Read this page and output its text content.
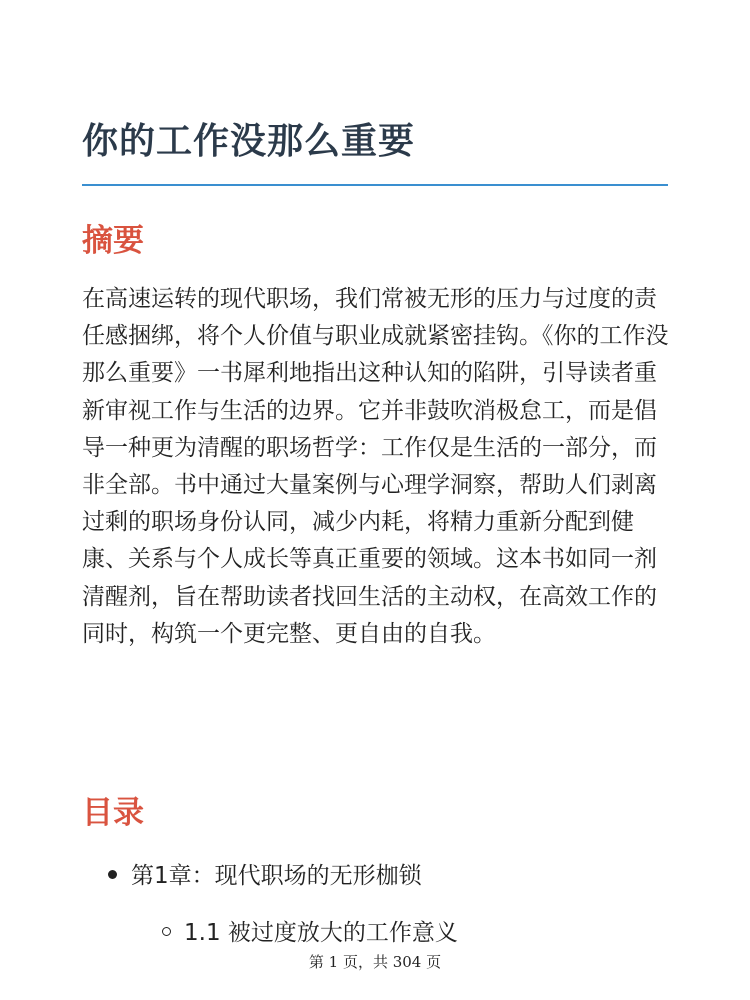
你的工作没那么重要
摘要

在高速运转的现代职场，我们常被无形的压力与过度的责任感捆绑，将个人价值与职业成就紧密挂钩。《你的工作没那么重要》一书犀利地指出这种认知的陷阱，引导读者重新审视工作与生活的边界。它并非鼓吹消极怠工，而是倡导一种更为清醒的职场哲学：工作仅是生活的一部分，而非全部。书中通过大量案例与心理学洞察，帮助人们剥离过剩的职场身份认同，减少内耗，将精力重新分配到健康、关系与个人成长等真正重要的领域。这本书如同一剂清醒剂，旨在帮助读者找回生活的主动权，在高效工作的同时，构筑一个更完整、更自由的自我。

目录
第1章：现代职场的无形枷锁
1.1 被过度放大的工作意义
第 1 页，共 304 页
